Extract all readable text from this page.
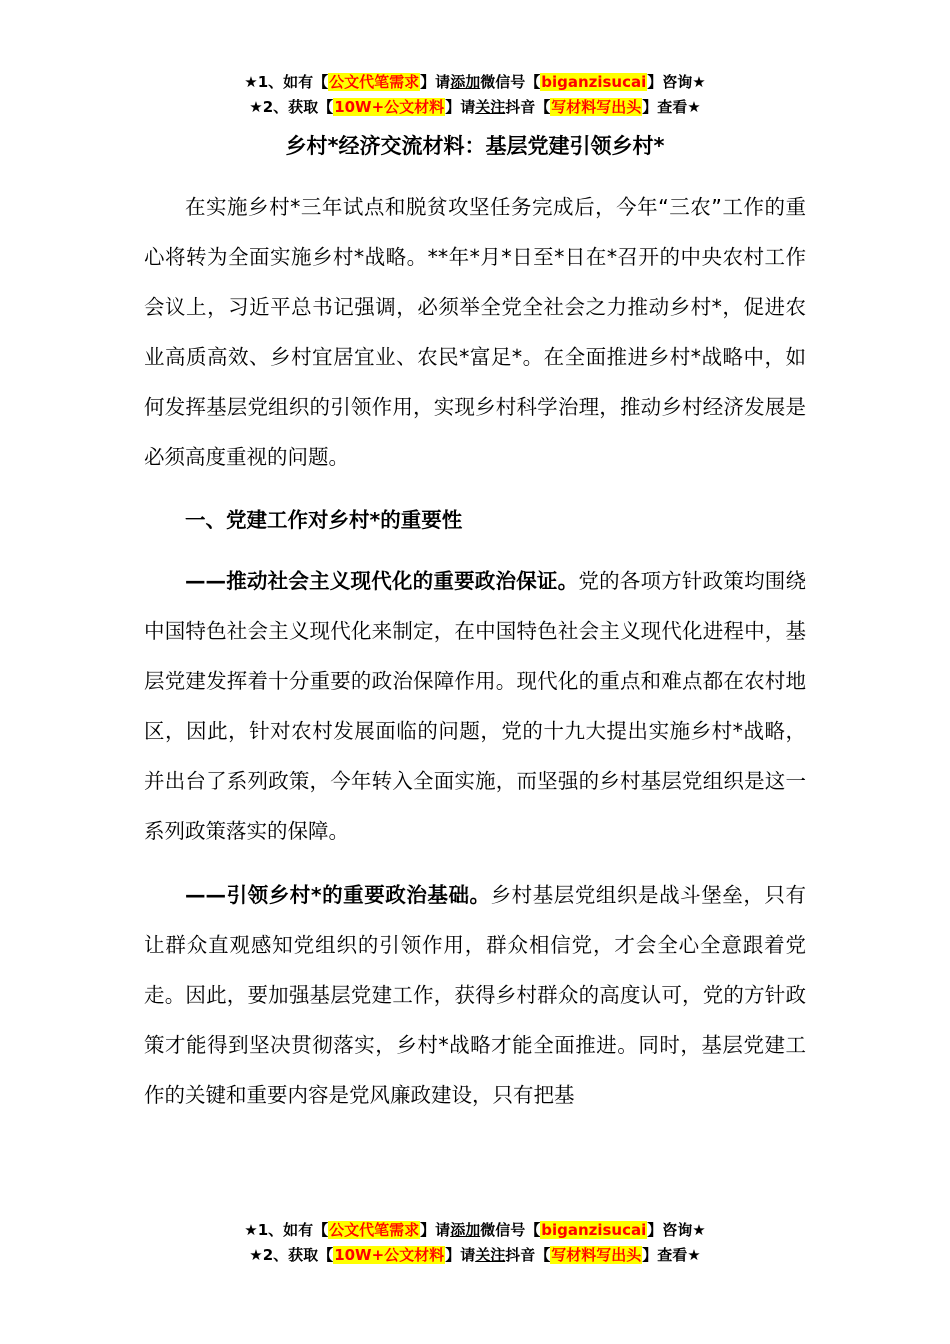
★1、如有【公文代笔需求】请添加微信号【biganzisucai】咨询★
★2、获取【10W+公文材料】请关注抖音【写材料写出头】查看★
乡村*经济交流材料：基层党建引领乡村*

在实施乡村*三年试点和脱贫攻坚任务完成后，今年“三农”工作的重心将转为全面实施乡村*战略。**年*月*日至*日在*召开的中央农村工作会议上，习近平总书记强调，必须举全党全社会之力推动乡村*，促进农业高质高效、乡村宜居宜业、农民*富足*。在全面推进乡村*战略中，如何发挥基层党组织的引领作用，实现乡村科学治理，推动乡村经济发展是必须高度重视的问题。

一、党建工作对乡村*的重要性

——推动社会主义现代化的重要政治保证。党的各项方针政策均围绕中国特色社会主义现代化来制定，在中国特色社会主义现代化进程中，基层党建发挥着十分重要的政治保障作用。现代化的重点和难点都在农村地区，因此，针对农村发展面临的问题，党的十九大提出实施乡村*战略，并出台了系列政策，今年转入全面实施，而坚强的乡村基层党组织是这一系列政策落实的保障。

——引领乡村*的重要政治基础。乡村基层党组织是战斗堡垒，只有让群众直观感知党组织的引领作用，群众相信党，才会全心全意跟着党走。因此，要加强基层党建工作，获得乡村群众的高度认可，党的方针政策才能得到坚决贯彻落实，乡村*战略才能全面推进。同时，基层党建工作的关键和重要内容是党风廉政建设，只有把基

★1、如有【公文代笔需求】请添加微信号【biganzisucai】咨询★
★2、获取【10W+公文材料】请关注抖音【写材料写出头】查看★
